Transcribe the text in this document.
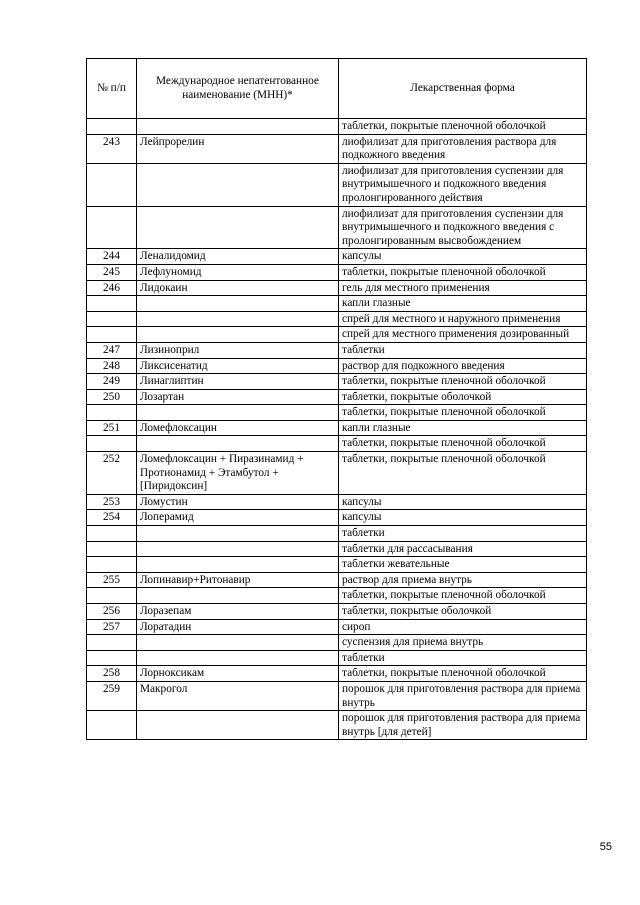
№ п/п	Международное непатентованное наименование (МНН)*	Лекарственная форма
		таблетки, покрытые пленочной оболочкой
243	Лейпрорелин	лиофилизат для приготовления раствора для подкожного введения
		лиофилизат для приготовления суспензии для внутримышечного и подкожного введения пролонгированного действия
		лиофилизат для приготовления суспензии для внутримышечного и подкожного введения с пролонгированным высвобождением
244	Леналидомид	капсулы
245	Лефлуномид	таблетки, покрытые пленочной оболочкой
246	Лидокаин	гель для местного применения
		капли глазные
		спрей для местного и наружного применения
		спрей для местного применения дозированный
247	Лизиноприл	таблетки
248	Ликсисенатид	раствор для подкожного введения
249	Линаглиптин	таблетки, покрытые пленочной оболочкой
250	Лозартан	таблетки, покрытые оболочкой
		таблетки, покрытые пленочной оболочкой
251	Ломефлоксацин	капли глазные
		таблетки, покрытые пленочной оболочкой
252	Ломефлоксацин + Пиразинамид + Протионамид + Этамбутол + [Пиридоксин]	таблетки, покрытые пленочной оболочкой
253	Ломустин	капсулы
254	Лоперамид	капсулы
		таблетки
		таблетки для рассасывания
		таблетки жевательные
255	Лопинавир+Ритонавир	раствор для приема внутрь
		таблетки, покрытые пленочной оболочкой
256	Лоразепам	таблетки, покрытые оболочкой
257	Лоратадин	сироп
		суспензия для приема внутрь
		таблетки
258	Лорноксикам	таблетки, покрытые пленочной оболочкой
259	Макрогол	порошок для приготовления раствора для приема внутрь
		порошок для приготовления раствора для приема внутрь [для детей]
55
